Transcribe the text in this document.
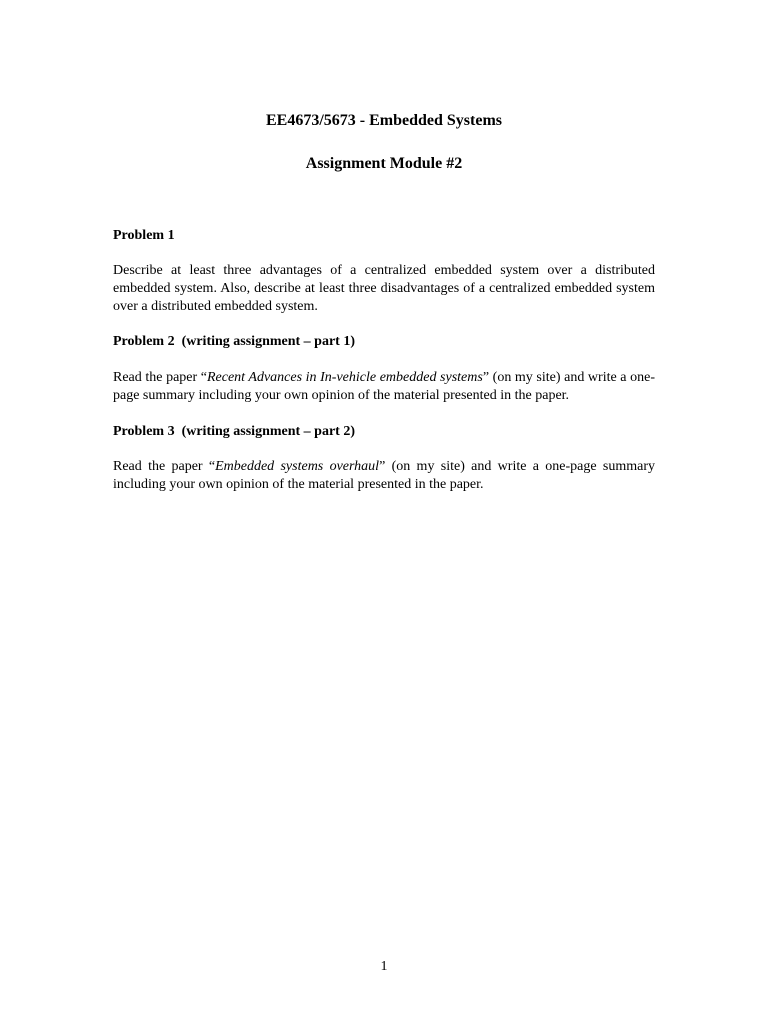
EE4673/5673 - Embedded Systems
Assignment Module #2
Problem 1
Describe at least three advantages of a centralized embedded system over a distributed embedded system. Also, describe at least three disadvantages of a centralized embedded system over a distributed embedded system.
Problem 2  (writing assignment – part 1)
Read the paper “Recent Advances in In-vehicle embedded systems” (on my site) and write a one-page summary including your own opinion of the material presented in the paper.
Problem 3  (writing assignment – part 2)
Read the paper “Embedded systems overhaul” (on my site) and write a one-page summary including your own opinion of the material presented in the paper.
1
